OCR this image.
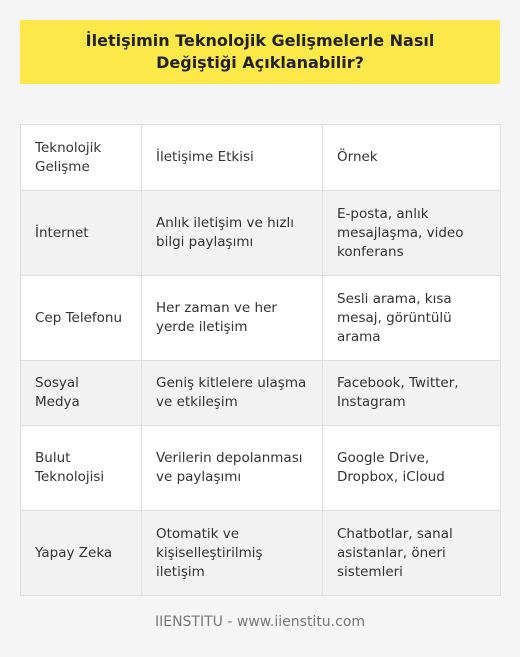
İletişimin Teknolojik Gelişmelerle Nasıl Değiştiği Açıklanabilir?
Teknolojik Gelişme	İletişime Etkisi	Örnek
İnternet	Anlık iletişim ve hızlı bilgi paylaşımı	E-posta, anlık mesajlaşma, video konferans
Cep Telefonu	Her zaman ve her yerde iletişim	Sesli arama, kısa mesaj, görüntülü arama
Sosyal Medya	Geniş kitlelere ulaşma ve etkileşim	Facebook, Twitter, Instagram
Bulut Teknolojisi	Verilerin depolanması ve paylaşımı	Google Drive, Dropbox, iCloud
Yapay Zeka	Otomatik ve kişiselleştirilmiş iletişim	Chatbotlar, sanal asistanlar, öneri sistemleri
IIENSTITU - www.iienstitu.com
